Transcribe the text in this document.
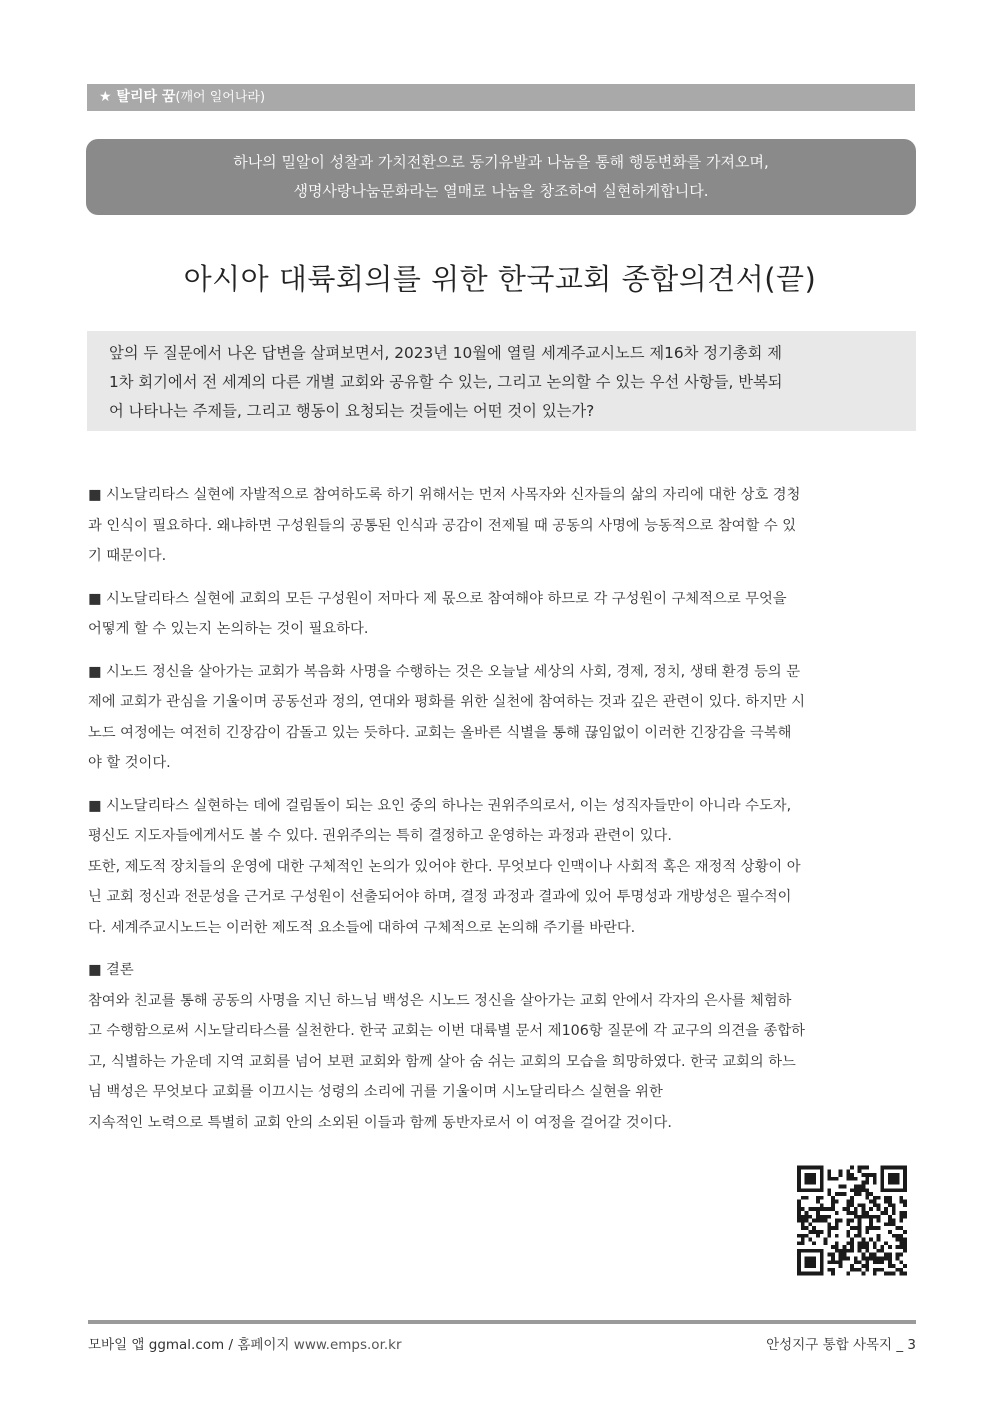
★ 탈리타 꿈(깨어 일어나라)
하나의 밀알이 성찰과 가치전환으로 동기유발과 나눔을 통해 행동변화를 가져오며,
생명사랑나눔문화라는 열매로 나눔을 창조하여 실현하게합니다.
아시아 대륙회의를 위한 한국교회 종합의견서(끝)
앞의 두 질문에서 나온 답변을 살펴보면서, 2023년 10월에 열릴 세계주교시노드 제16차 정기총회 제
1차 회기에서 전 세계의 다른 개별 교회와 공유할 수 있는, 그리고 논의할 수 있는 우선 사항들, 반복되
어 나타나는 주제들, 그리고 행동이 요청되는 것들에는 어떤 것이 있는가?
■ 시노달리타스 실현에 자발적으로 참여하도록 하기 위해서는 먼저 사목자와 신자들의 삶의 자리에 대한 상호 경청
과 인식이 필요하다. 왜냐하면 구성원들의 공통된 인식과 공감이 전제될 때 공동의 사명에 능동적으로 참여할 수 있
기 때문이다.
■ 시노달리타스 실현에 교회의 모든 구성원이 저마다 제 몫으로 참여해야 하므로 각 구성원이 구체적으로 무엇을
어떻게 할 수 있는지 논의하는 것이 필요하다.
■ 시노드 정신을 살아가는 교회가 복음화 사명을 수행하는 것은 오늘날 세상의 사회, 경제, 정치, 생태 환경 등의 문
제에 교회가 관심을 기울이며 공동선과 정의, 연대와 평화를 위한 실천에 참여하는 것과 깊은 관련이 있다. 하지만 시
노드 여정에는 여전히 긴장감이 감돌고 있는 듯하다. 교회는 올바른 식별을 통해 끊임없이 이러한 긴장감을 극복해
야 할 것이다.
■ 시노달리타스 실현하는 데에 걸림돌이 되는 요인 중의 하나는 권위주의로서, 이는 성직자들만이 아니라 수도자,
평신도 지도자들에게서도 볼 수 있다. 권위주의는 특히 결정하고 운영하는 과정과 관련이 있다.
또한, 제도적 장치들의 운영에 대한 구체적인 논의가 있어야 한다. 무엇보다 인맥이나 사회적 혹은 재정적 상황이 아
닌 교회 정신과 전문성을 근거로 구성원이 선출되어야 하며, 결정 과정과 결과에 있어 투명성과 개방성은 필수적이
다. 세계주교시노드는 이러한 제도적 요소들에 대하여 구체적으로 논의해 주기를 바란다.
■ 결론
참여와 친교를 통해 공동의 사명을 지닌 하느님 백성은 시노드 정신을 살아가는 교회 안에서 각자의 은사를 체험하
고 수행함으로써 시노달리타스를 실천한다. 한국 교회는 이번 대륙별 문서 제106항 질문에 각 교구의 의견을 종합하
고, 식별하는 가운데 지역 교회를 넘어 보편 교회와 함께 살아 숨 쉬는 교회의 모습을 희망하였다. 한국 교회의 하느
님 백성은 무엇보다 교회를 이끄시는 성령의 소리에 귀를 기울이며 시노달리타스 실현을 위한
지속적인 노력으로 특별히 교회 안의 소외된 이들과 함께 동반자로서 이 여정을 걸어갈 것이다.
모바일 앱 ggmal.com / 홈페이지 www.emps.or.kr	안성지구 통합 사목지 _ 3
